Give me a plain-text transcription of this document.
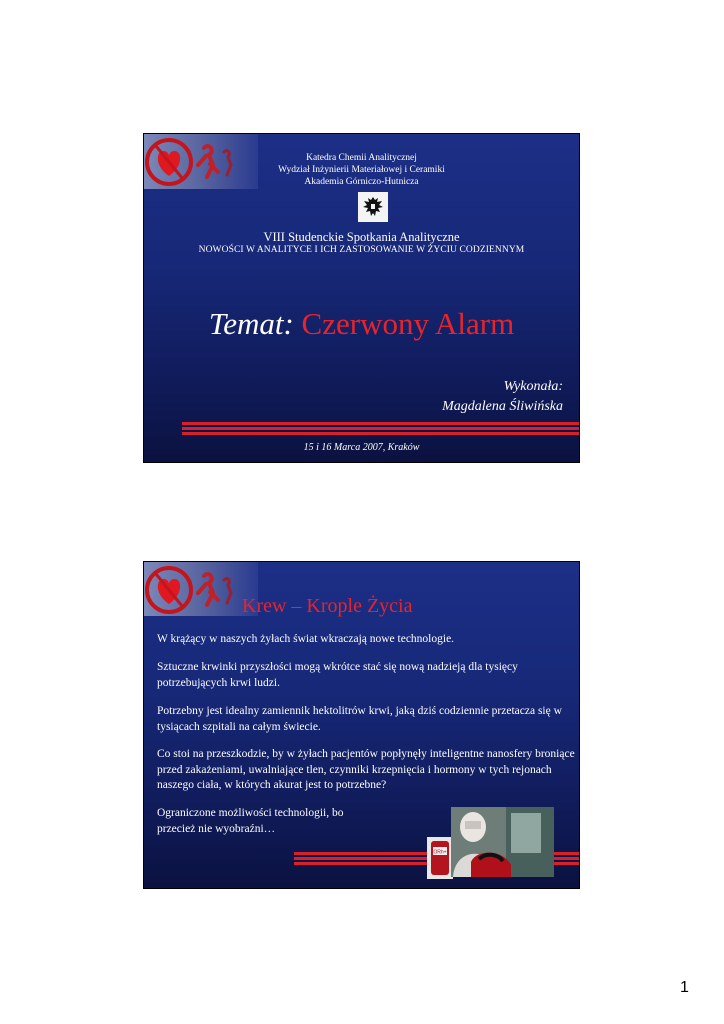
Katedra Chemii Analitycznej
Wydział Inżynierii Materiałowej i Ceramiki
Akademia Górniczo-Hutnicza
VIII Studenckie Spotkania Analityczne
NOWOŚCI W ANALITYCE I ICH ZASTOSOWANIE W ŻYCIU CODZIENNYM
Temat: Czerwony Alarm
Wykonała:
Magdalena Śliwińska
15 i 16 Marca 2007, Kraków
Krew – Krople Życia

W krążący w naszych żyłach świat wkraczają nowe technologie.

Sztuczne krwinki przyszłości mogą wkrótce stać się nową nadzieją dla tysięcy potrzebujących krwi ludzi.

Potrzebny jest idealny zamiennik hektolitrów krwi, jaką dziś codziennie przetacza się w tysiącach szpitali na całym świecie.

Co stoi na przeszkodzie, by w żyłach pacjentów popłynęły inteligentne nanosfery broniące przed zakażeniami, uwalniające tlen, czynniki krzepnięcia i hormony w tych rejonach naszego ciała, w których akurat jest to potrzebne?

Ograniczone możliwości technologii, bo przecież nie wyobraźni…

ORh+
1
